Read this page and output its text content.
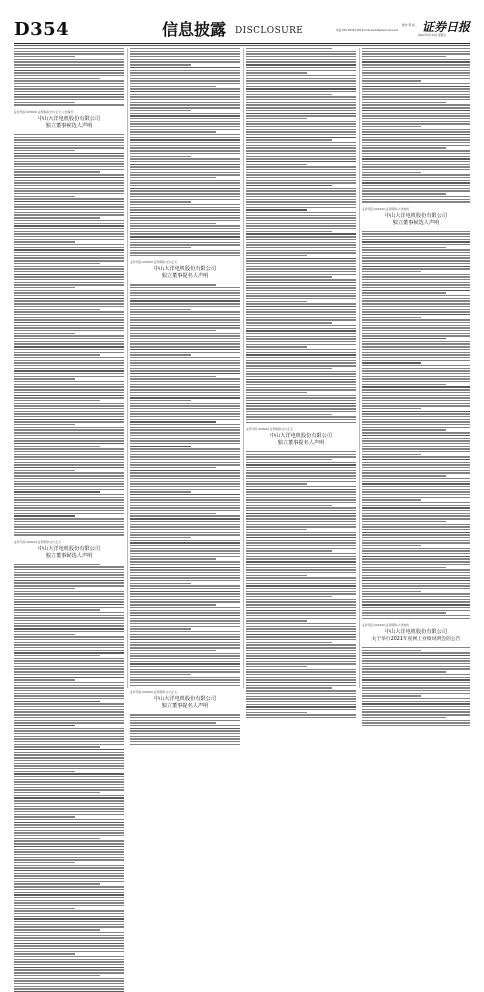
D354	信息披露 DISCLOSURE	电话:010-83251716 E-mail:zqrb9@zqrb.sina.net
制作 郭 斌 证券日报
2022年4月29日 星期五
证券代码:003029 证券简称:吉大正元 公告编号:
中山大洋电机股份有限公司
独立董事候选人声明
证券代码:003029 证券简称:吉大正元
中山大洋电机股份有限公司
独立董事候选人声明
证券代码:003029 证券简称:吉大正元
中山大洋电机股份有限公司
独立董事提名人声明
证券代码:003029 证券简称:吉大正元
中山大洋电机股份有限公司
独立董事提名人声明
证券代码:003029 证券简称:吉大正元
中山大洋电机股份有限公司
独立董事提名人声明
证券代码:002249 证券简称:大洋电机
中山大洋电机股份有限公司
独立董事候选人声明
证券代码:002249 证券简称:大洋电机
中山大洋电机股份有限公司
关于举行2021年度网上业绩说明会的公告
